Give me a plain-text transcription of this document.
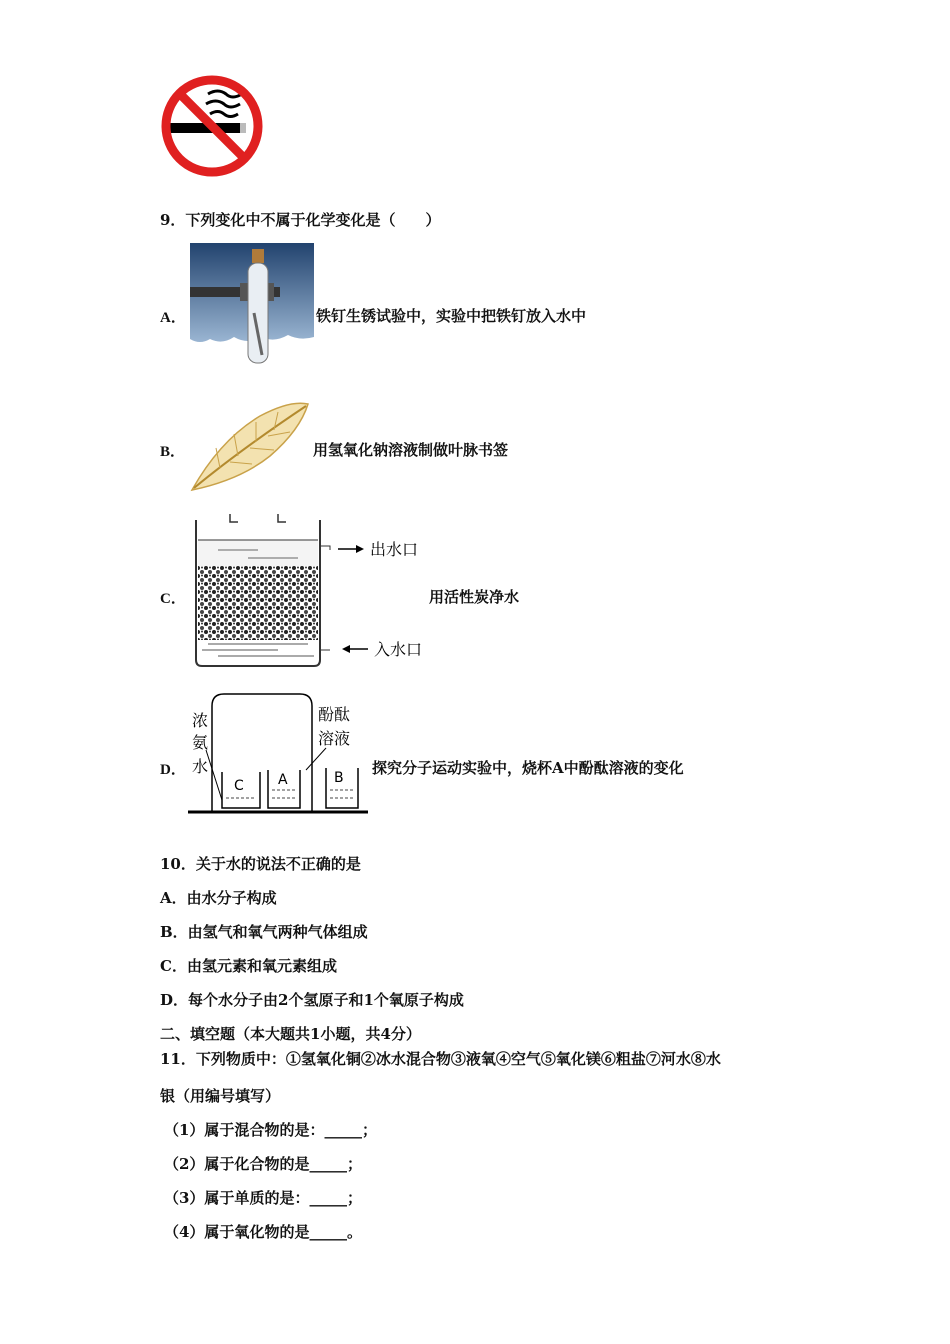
9．下列变化中不属于化学变化是（　　）
A．	铁钉生锈试验中，实验中把铁钉放入水中
B．	用氢氧化钠溶液制做叶脉书签
C．
出水口
入水口
用活性炭净水
D．
浓
氨
水
酚酞
溶液
C A	B
探究分子运动实验中，烧杯A中酚酞溶液的变化
10．关于水的说法不正确的是
A．由水分子构成
B．由氢气和氧气两种气体组成
C．由氢元素和氧元素组成
D．每个水分子由2个氢原子和1个氧原子构成
二、填空题（本大题共1小题，共4分）
11．下列物质中：①氢氧化铜②冰水混合物③液氧④空气⑤氧化镁⑥粗盐⑦河水⑧水
银（用编号填写）
（1）属于混合物的是：_____；
（2）属于化合物的是_____；
（3）属于单质的是：_____；
（4）属于氧化物的是_____。
